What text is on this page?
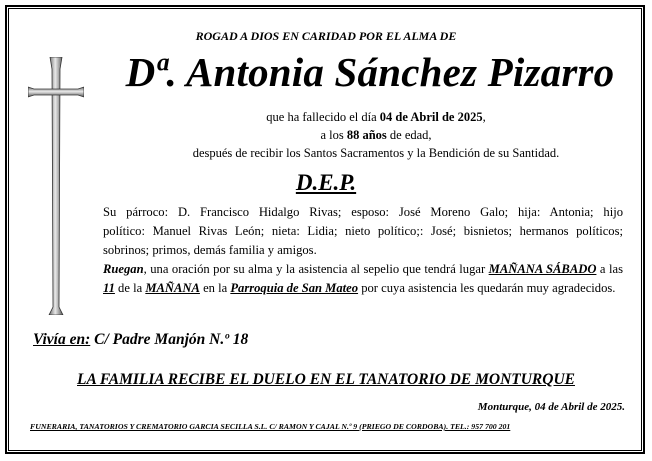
ROGAD A DIOS EN CARIDAD POR EL ALMA DE
Dª. Antonia Sánchez Pizarro
que ha fallecido el día 04 de Abril de 2025,
a los 88 años de edad,
después de recibir los Santos Sacramentos y la Bendición de su Santidad.
D.E.P.
Su párroco: D. Francisco Hidalgo Rivas; esposo: José Moreno Galo; hija: Antonia; hijo
político: Manuel Rivas León; nieta: Lidia; nieto político;: José; bisnietos; hermanos políticos;
sobrinos; primos, demás familia y amigos.
Ruegan, una oración por su alma y la asistencia al sepelio que tendrá lugar MAÑANA SÁBADO a las 11 de la MAÑANA en la Parroquia de San Mateo por cuya asistencia les quedarán muy agradecidos.
Vivía en: C/ Padre Manjón N.º 18
LA FAMILIA RECIBE EL DUELO EN EL TANATORIO DE MONTURQUE
Monturque, 04 de Abril de 2025.
FUNERARIA, TANATORIOS Y CREMATORIO GARCIA SECILLA S.L. C/ RAMON Y CAJAL N.º 9 (PRIEGO DE CORDOBA). TEL.: 957 700 201
